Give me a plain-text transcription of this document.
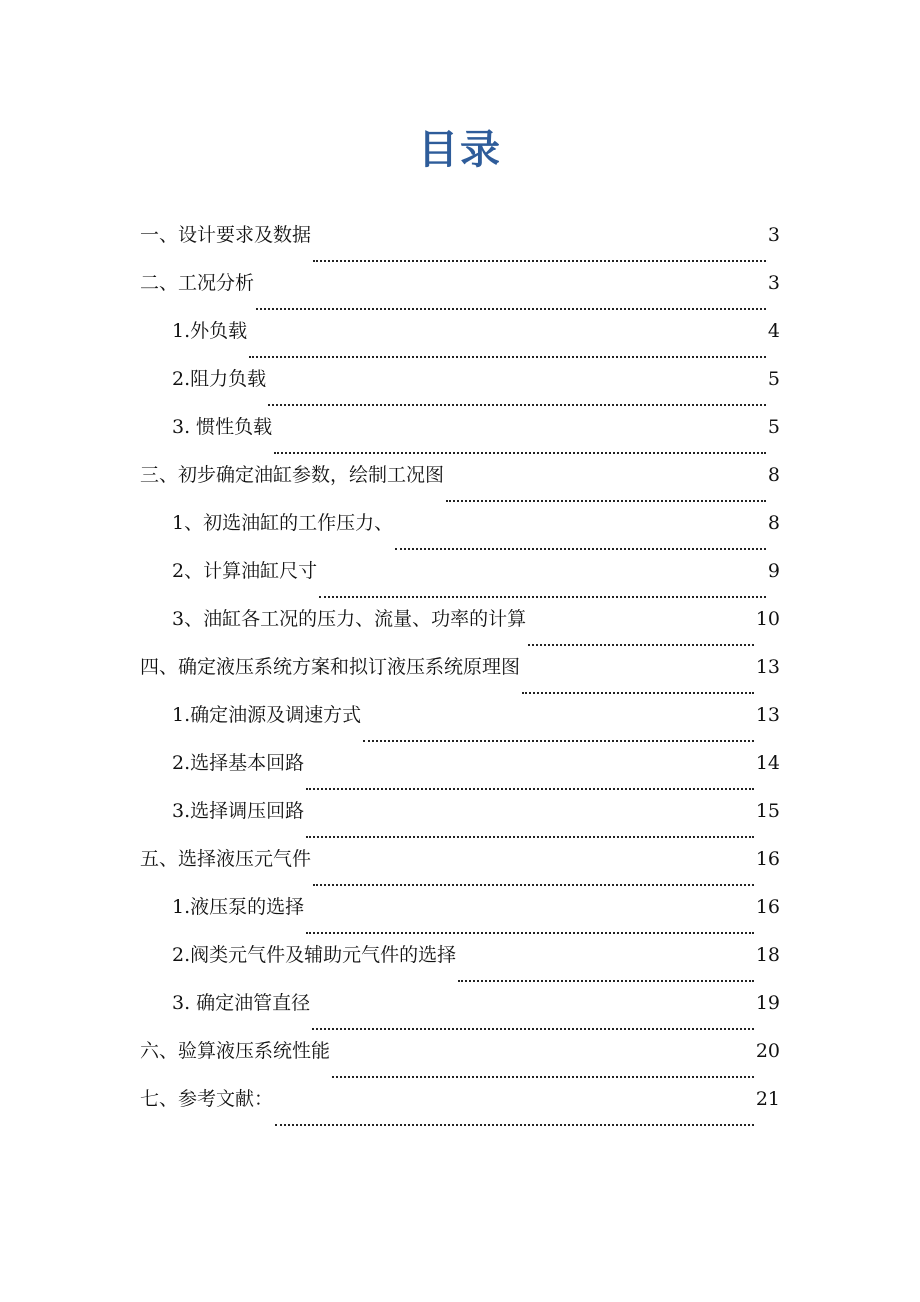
目录
一、设计要求及数据	3
二、工况分析	3
1.外负载	4
2.阻力负载	5
3. 惯性负载	5
三、初步确定油缸参数，绘制工况图	8
1、初选油缸的工作压力、	8
2、计算油缸尺寸	9
3、油缸各工况的压力、流量、功率的计算	10
四、确定液压系统方案和拟订液压系统原理图	13
1.确定油源及调速方式	13
2.选择基本回路	14
3.选择调压回路	15
五、选择液压元气件	16
1.液压泵的选择	16
2.阀类元气件及辅助元气件的选择	18
3. 确定油管直径	19
六、验算液压系统性能	20
七、参考文献：	21
